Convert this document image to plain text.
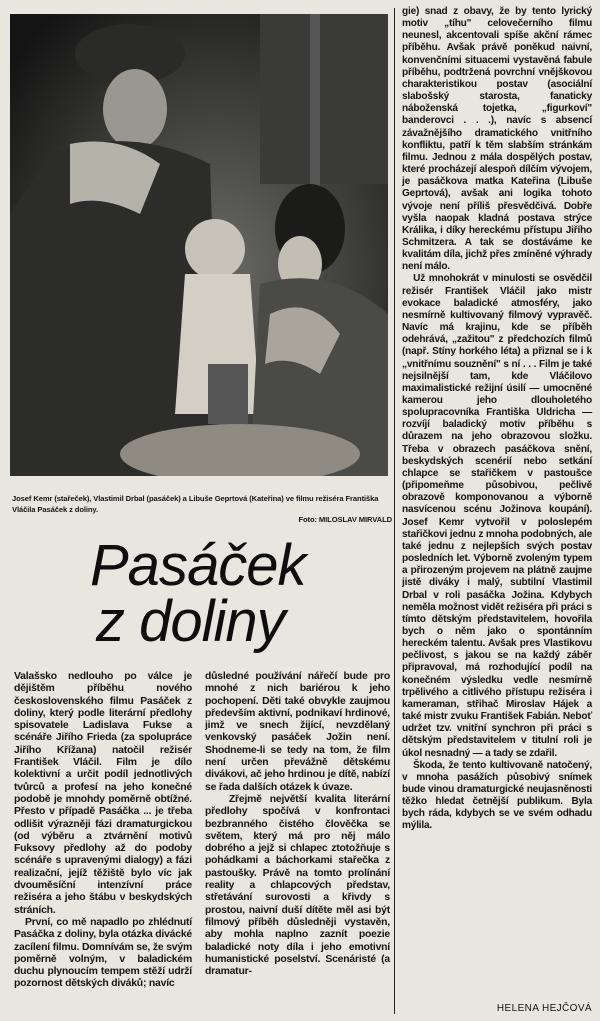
Josef Kemr (stařeček), Vlastimil Drbal (pasáček) a Libuše Geprtová (Kateřina) ve filmu režiséra Františka Vláčila Pasáček z doliny.
Foto: MILOSLAV MIRVALD
Pasáček
z doliny
Valašsko nedlouho po válce je dějištěm příběhu nového československého filmu Pasáček z doliny, který podle literární předlohy spisovatele Ladislava Fukse a scénáře Jiřího Frieda (za spolupráce Jiřího Křížana) natočil režisér František Vláčil. Film je dílo kolektivní a určit podíl jednotlivých tvůrců a profesí na jeho konečné podobě je mnohdy poměrně obtížné. Přesto v případě Pasáčka ... je třeba odlišit výrazněji fázi dramaturgickou (od výběru a ztvárnění motivů Fuksovy předlohy až do podoby scénáře s upravenými dialogy) a fázi realizační, jejíž těžiště bylo víc jak dvouměsíční intenzívní práce režiséra a jeho štábu v beskydských stráních.
První, co mě napadlo po zhlédnutí Pasáčka z doliny, byla otázka divácké zacílení filmu. Domnívám se, že svým poměrně volným, v baladickém duchu plynoucím tempem stěží udrží pozornost dětských diváků; navíc
důsledné používání nářečí bude pro mnohé z nich bariérou k jeho pochopení. Děti také obvykle zaujmou především aktivní, podnikaví hrdinové, jimž ve snech žijící, nevzdělaný venkovský pasáček Jožin není. Shodneme-li se tedy na tom, že film není určen převážně dětskému divákovi, ač jeho hrdinou je dítě, nabízí se řada dalších otázek k úvaze.
Zřejmě největší kvalita literární předlohy spočívá v konfrontaci bezbranného čistého člověčka se světem, který má pro něj málo dobrého a jejž si chlapec ztotožňuje s pohádkami a báchorkami stařečka z pastoušky. Právě na tomto prolínání reality a chlapcových představ, střetávání surovosti a křivdy s prostou, naivní duší dítěte měl asi být filmový příběh důsledněji vystavěn, aby mohla naplno zaznít poezie baladické noty díla i jeho emotivní humanistické poselství. Scenáristé (a dramatur-
gie) snad z obavy, že by tento lyrický motiv „tíhu" celovečerního filmu neunesl, akcentovali spíše akční rámec příběhu. Avšak právě poněkud naivní, konvenčními situacemi vystavěná fabule příběhu, podtržená povrchní vnějškovou charakteristikou postav (asociální slabošský starosta, fanaticky náboženská tojetka, „figurkoví" banderovci . . .), navíc s absencí závažnějšího dramatického vnitřního konfliktu, patří k těm slabším stránkám filmu. Jednou z mála dospělých postav, které procházejí alespoň dílčím vývojem, je pasáčkova matka Kateřina (Libuše Geprtová), avšak ani logika tohoto vývoje není příliš přesvědčivá. Dobře vyšla naopak kladná postava strýce Králika, i díky hereckému přístupu Jiřího Schmitzera. A tak se dostáváme ke kvalitám díla, jichž přes zmíněné výhrady není málo.
Už mnohokrát v minulosti se osvědčil režisér František Vláčil jako mistr evokace baladické atmosféry, jako nesmírně kultivovaný filmový vypravěč. Navíc má krajinu, kde se příběh odehrává, „zažitou" z předchozích filmů (např. Stíny horkého léta) a přiznal se i k „vnitřnímu souznění" s ní . . . Film je také nejsilnější tam, kde Vláčilovo maximalistické režijní úsilí — umocněné kamerou jeho dlouholetého spolupracovníka Františka Uldricha — rozvíjí baladický motiv příběhu s důrazem na jeho obrazovou složku. Třeba v obrazech pasáčkova snění, beskydských scenérií nebo setkání chlapce se stařičkem v pastoušce (připomeňme působivou, pečlivě obrazově komponovanou a výborně nasvícenou scénu Jožinova koupání). Josef Kemr vytvořil v poloslepém stařičkovi jednu z mnoha podobných, ale také jednu z nejlepších svých postav posledních let. Výborně zvoleným typem a přirozeným projevem na plátně zaujme jistě diváky i malý, subtilní Vlastimil Drbal v roli pasáčka Jožina. Kdybych neměla možnost vidět režiséra při práci s tímto dětským představitelem, hovořila bych o něm jako o spontánním hereckém talentu. Avšak pres Vlastikovu pečlivost, s jakou se na každý záběr připravoval, má rozhodující podíl na konečném výsledku vedle nesmírně trpělivého a citlivého přístupu režiséra i kameraman, střihač Miroslav Hájek a také mistr zvuku František Fabián. Neboť udržet tzv. vnitřní synchron při práci s dětským představitelem v titulní roli je úkol nesnadný — a tady se zdařil.
Škoda, že tento kultivovaně natočený, v mnoha pasážích působivý snímek bude vinou dramaturgické neujasněnosti těžko hledat četnější publikum. Byla bych ráda, kdybych se ve svém odhadu mýlila.
HELENA HEJČOVÁ
